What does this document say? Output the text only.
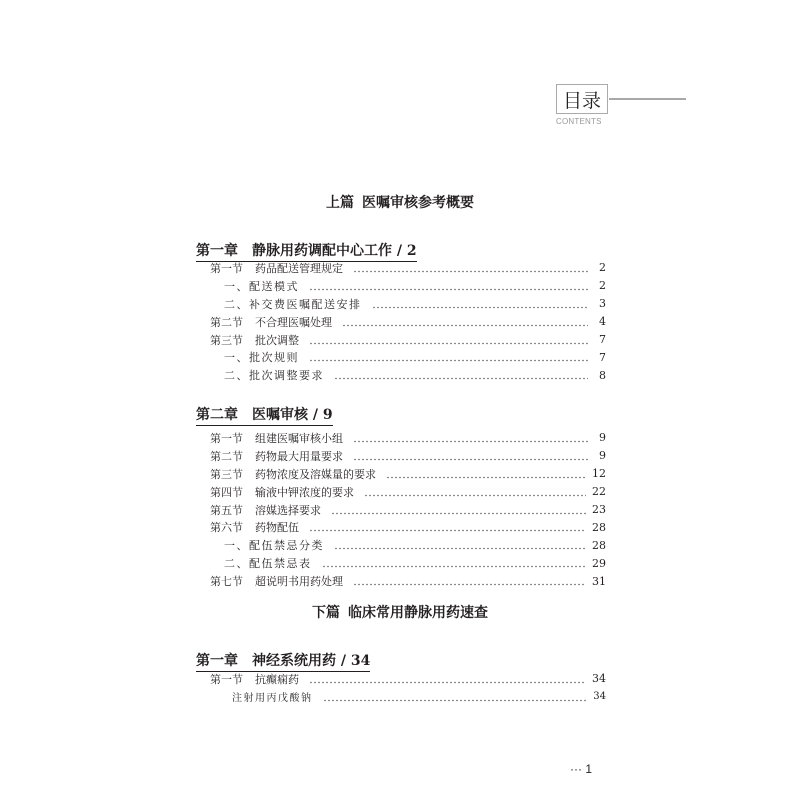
目录
CONTENTS
上篇 医嘱审核参考概要
第一章 静脉用药调配中心工作 / 2
第一节 药品配送管理规定	2
一、配送模式	2
二、补交费医嘱配送安排	3
第二节 不合理医嘱处理	4
第三节 批次调整	7
一、批次规则	7
二、批次调整要求	8
第二章 医嘱审核 / 9
第一节 组建医嘱审核小组	9
第二节 药物最大用量要求	9
第三节 药物浓度及溶媒量的要求	12
第四节 输液中钾浓度的要求	22
第五节 溶媒选择要求	23
第六节 药物配伍	28
一、配伍禁忌分类	28
二、配伍禁忌表	29
第七节 超说明书用药处理	31
下篇 临床常用静脉用药速查
第一章 神经系统用药 / 34
第一节 抗癫痫药	34
注射用丙戊酸钠	34
··· 1
